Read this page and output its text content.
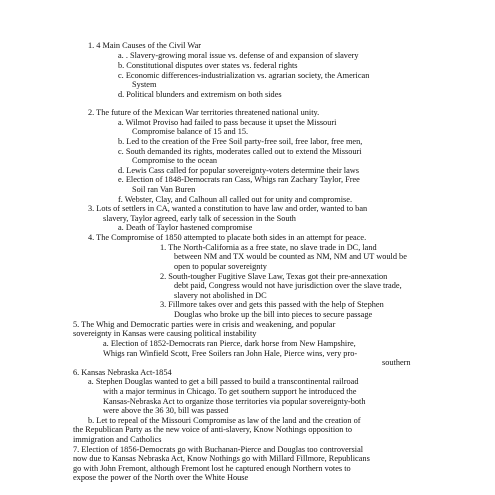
1. 4 Main Causes of the Civil War
a. . Slavery-growing moral issue vs. defense of and expansion of slavery
b. Constitutional disputes over states vs. federal rights
c. Economic differences-industrialization vs. agrarian society, the American
System
d. Political blunders and extremism on both sides
2. The future of the Mexican War territories threatened national unity.
a. Wilmot Proviso had failed to pass because it upset the Missouri
Compromise balance of 15 and 15.
b. Led to the creation of the Free Soil party-free soil, free labor, free men,
c. South demanded its rights, moderates called out to extend the Missouri
Compromise to the ocean
d. Lewis Cass called for popular sovereignty-voters determine their laws
e. Election of 1848-Democrats ran Cass, Whigs ran Zachary Taylor, Free
Soil ran Van Buren
f. Webster, Clay, and Calhoun all called out for unity and compromise.
3. Lots of settlers in CA, wanted a constitution to have law and order, wanted to ban
slavery, Taylor agreed, early talk of secession in the South
a. Death of Taylor hastened compromise
4. The Compromise of 1850 attempted to placate both sides in an attempt for peace.
1. The North-California as a free state, no slave trade in DC, land
between NM and TX would be counted as NM, NM and UT would be
open to popular sovereignty
2. South-tougher Fugitive Slave Law, Texas got their pre-annexation
debt paid, Congress would not have jurisdiction over the slave trade,
slavery not abolished in DC
3. Fillmore takes over and gets this passed with the help of Stephen
Douglas who broke up the bill into pieces to secure passage
5. The Whig and Democratic parties were in crisis and weakening, and popular
sovereignty in Kansas were causing political instability
a. Election of 1852-Democrats ran Pierce, dark horse from New Hampshire,
Whigs ran Winfield Scott, Free Soilers ran John Hale, Pierce wins, very pro-
southern
6. Kansas Nebraska Act-1854
a. Stephen Douglas wanted to get a bill passed to build a transcontinental railroad
with a major terminus in Chicago. To get southern support he introduced the
Kansas-Nebraska Act to organize those territories via popular sovereignty-both
were above the 36 30, bill was passed
b. Let to repeal of the Missouri Compromise as law of the land and the creation of
the Republican Party as the new voice of anti-slavery, Know Nothings opposition to
immigration and Catholics
7. Election of 1856-Democrats go with Buchanan-Pierce and Douglas too controversial
now due to Kansas Nebraska Act, Know Nothings go with Millard Fillmore, Republicans
go with John Fremont, although Fremont lost he captured enough Northern votes to
expose the power of the North over the White House
